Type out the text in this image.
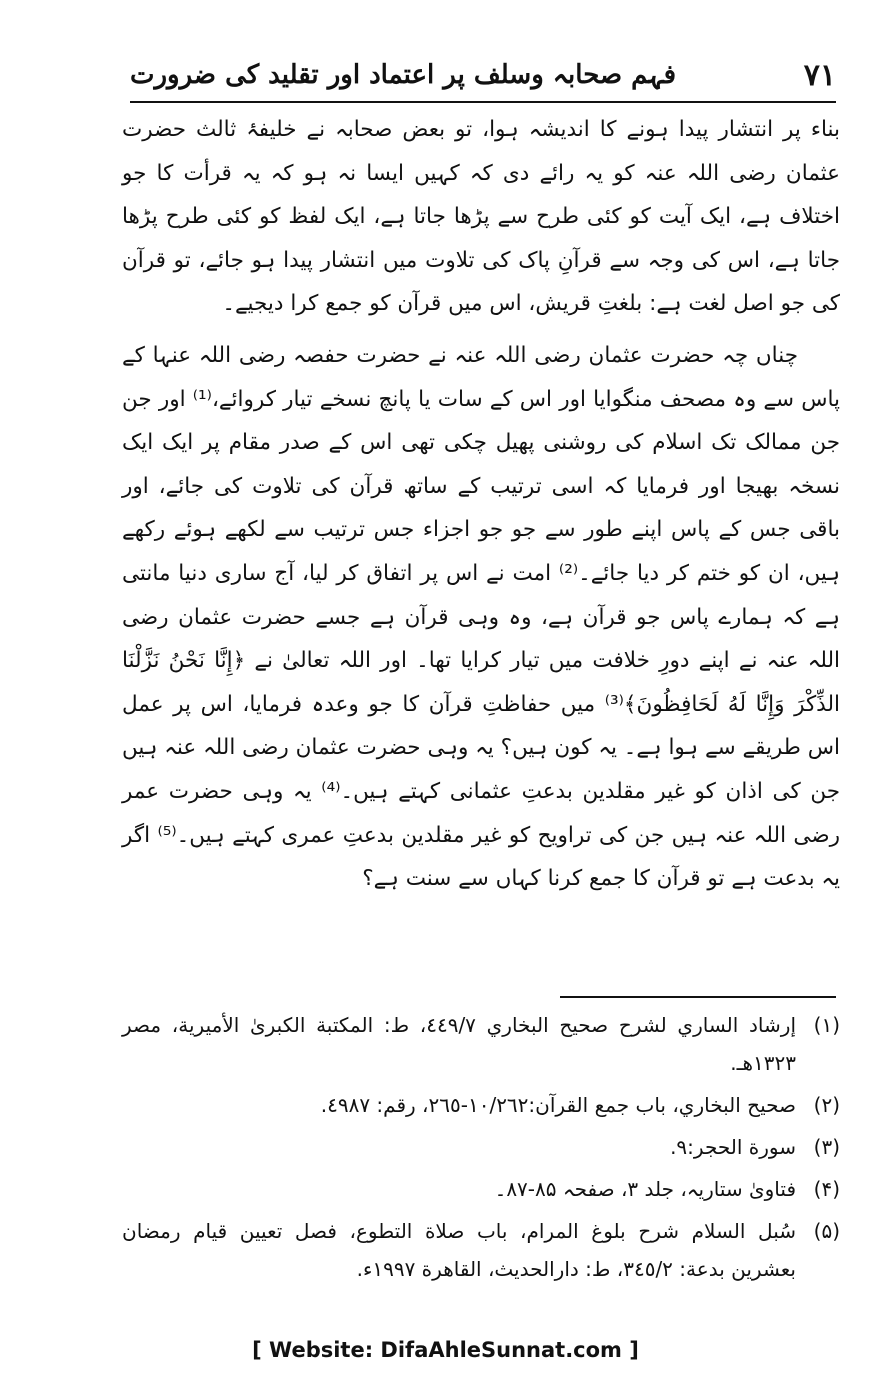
۷۱
فہم صحابہ وسلف پر اعتماد اور تقلید کی ضرورت

بناء پر انتشار پیدا ہونے کا اندیشہ ہوا، تو بعض صحابہ نے خلیفۂ ثالث حضرت عثمان رضی اللہ عنہ کو یہ رائے دی کہ کہیں ایسا نہ ہو کہ یہ قرأت کا جو اختلاف ہے، ایک آیت کو کئی طرح سے پڑھا جاتا ہے، ایک لفظ کو کئی طرح پڑھا جاتا ہے، اس کی وجہ سے قرآنِ پاک کی تلاوت میں انتشار پیدا ہو جائے، تو قرآن کی جو اصل لغت ہے: بلغتِ قریش، اس میں قرآن کو جمع کرا دیجیے۔

چناں چہ حضرت عثمان رضی اللہ عنہ نے حضرت حفصہ رضی اللہ عنہا کے پاس سے وہ مصحف منگوایا اور اس کے سات یا پانچ نسخے تیار کروائے،⁽¹⁾ اور جن جن ممالک تک اسلام کی روشنی پھیل چکی تھی اس کے صدر مقام پر ایک ایک نسخہ بھیجا اور فرمایا کہ اسی ترتیب کے ساتھ قرآن کی تلاوت کی جائے، اور باقی جس کے پاس اپنے طور سے جو جو اجزاء جس ترتیب سے لکھے ہوئے رکھے ہیں، ان کو ختم کر دیا جائے۔⁽²⁾ امت نے اس پر اتفاق کر لیا، آج ساری دنیا مانتی ہے کہ ہمارے پاس جو قرآن ہے، وہ وہی قرآن ہے جسے حضرت عثمان رضی اللہ عنہ نے اپنے دورِ خلافت میں تیار کرایا تھا۔ اور اللہ تعالیٰ نے ﴿إِنَّا نَحْنُ نَزَّلْنَا الذِّكْرَ وَإِنَّا لَهُ لَحَافِظُونَ﴾⁽³⁾ میں حفاظتِ قرآن کا جو وعدہ فرمایا، اس پر عمل اس طریقے سے ہوا ہے۔ یہ کون ہیں؟ یہ وہی حضرت عثمان رضی اللہ عنہ ہیں جن کی اذان کو غیر مقلدین بدعتِ عثمانی کہتے ہیں۔⁽⁴⁾ یہ وہی حضرت عمر رضی اللہ عنہ ہیں جن کی تراویح کو غیر مقلدین بدعتِ عمری کہتے ہیں۔⁽⁵⁾ اگر یہ بدعت ہے تو قرآن کا جمع کرنا کہاں سے سنت ہے؟

(۱)
إرشاد الساري لشرح صحيح البخاري ٤٤٩/٧، ط: المكتبة الكبرىٰ الأميرية، مصر ١٣٢٣هـ.
(۲)
صحيح البخاري، باب جمع القرآن:١٠/٢٦٢-٢٦٥، رقم: ٤٩٨٧.
(۳)
سورة الحجر:٩.
(۴)
فتاویٰ ستاریہ، جلد ۳، صفحہ ۸۵-۸۷۔
(۵)
سُبل السلام شرح بلوغ المرام، باب صلاة التطوع، فصل تعيين قيام رمضان بعشرين بدعة: ٣٤٥/٢، ط: دارالحديث، القاهرة ١٩٩٧ء.
[ Website: DifaAhleSunnat.com ]
